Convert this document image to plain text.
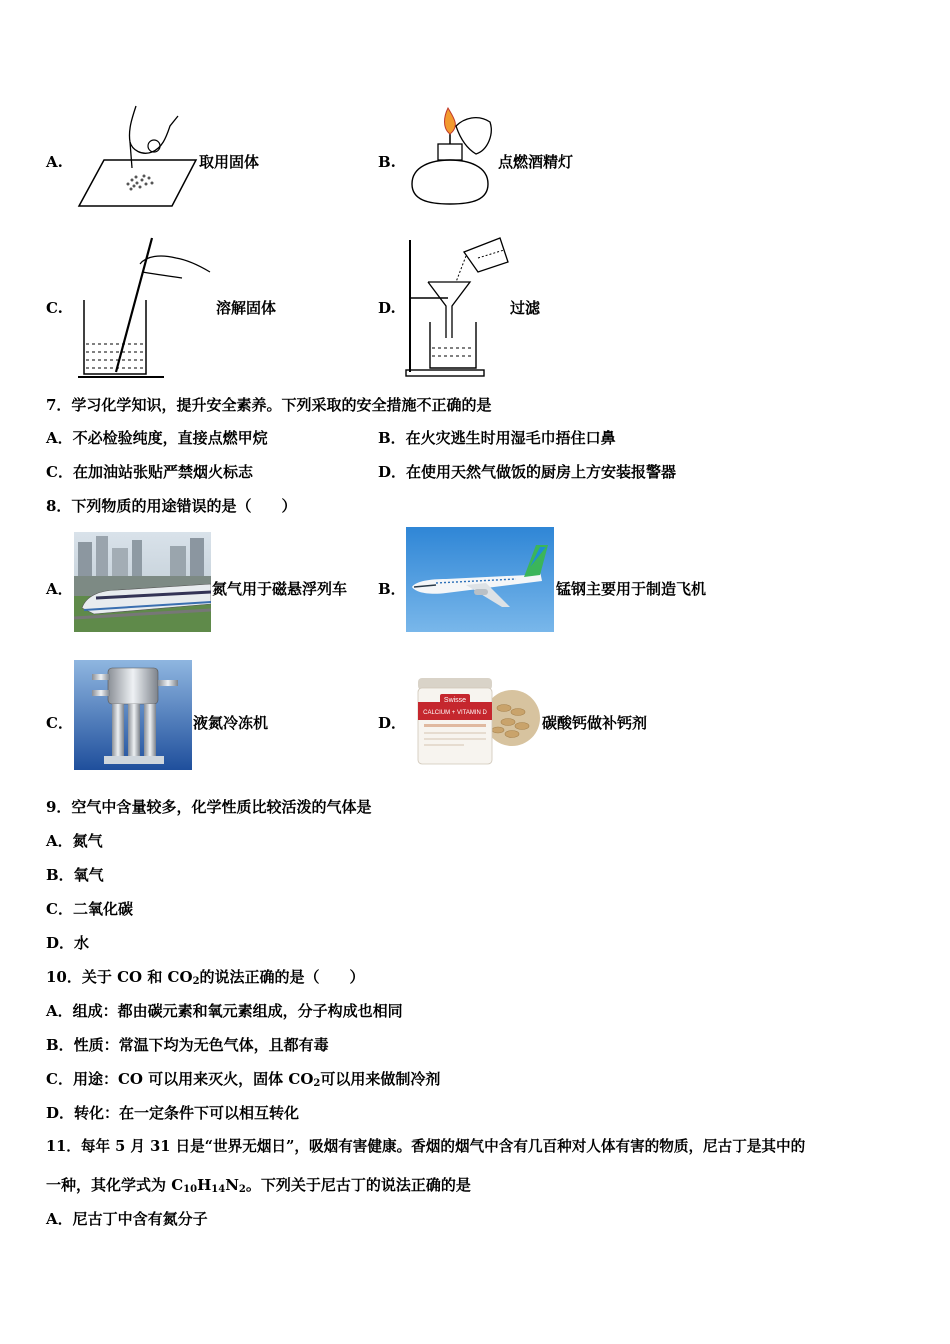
A.	取用固体	B.	点燃酒精灯
C.	溶解固体	D.	过滤
7．学习化学知识，提升安全素养。下列采取的安全措施不正确的是
A．不必检验纯度，直接点燃甲烷	B．在火灾逃生时用湿毛巾捂住口鼻
C．在加油站张贴严禁烟火标志	D．在使用天然气做饭的厨房上方安装报警器
8．下列物质的用途错误的是（　　）
A．	氮气用于磁悬浮列车 B．	锰钢主要用于制造飞机
C．	液氮冷冻机	D．
Swisse
CALCIUM + VITAMIN D
碳酸钙做补钙剂
9．空气中含量较多，化学性质比较活泼的气体是
A．氮气
B．氧气
C．二氧化碳
D．水
10．关于 CO 和 $CO_2$的说法正确的是（　　）
A．组成：都由碳元素和氧元素组成，分子构成也相同
B．性质：常温下均为无色气体，且都有毒
C．用途：CO 可以用来灭火，固体 $CO_2$可以用来做制冷剂
D．转化：在一定条件下可以相互转化
11．每年 5 月 31 日是“世界无烟日”，吸烟有害健康。香烟的烟气中含有几百种对人体有害的物质，尼古丁是其中的
一种，其化学式为 $C_{10}H_{14}N_2$。下列关于尼古丁的说法正确的是
A．尼古丁中含有氮分子
